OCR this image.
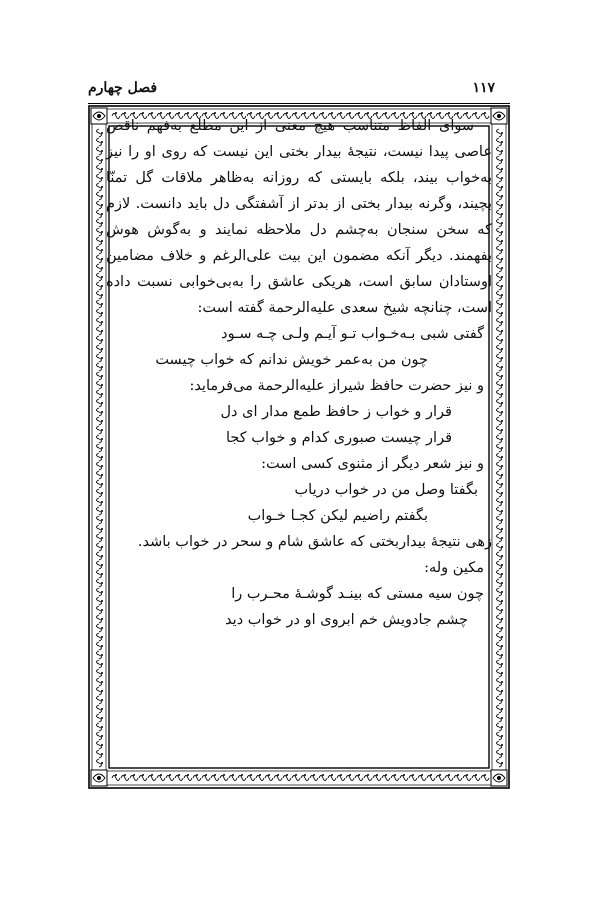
فصل چهارم	۱۱۷

سوای الفاظ متناسب هیچ معنی از این مطلع به‌فهم ناقص عاصی پیدا نیست، نتیجهٔ بیدار بختی این نیست که روی او را نیز به‌خواب بیند، بلکه بایستی که روزانه به‌ظاهر ملاقات گل تمنّا بچیند، وگرنه بیدار بختی از بدتر از آشفتگی دل باید دانست. لازم که سخن سنجان به‌چشم دل ملاحظه نمایند و به‌گوش هوش بفهمند. دیگر آنکه مضمون این بیت علی‌الرغم و خلاف مضامین اوستادان سابق است، هریکی عاشق را به‌بی‌خوابی نسبت داده است، چنانچه شیخ سعدی علیه‌الرحمة گفته است:

گفتی شبی بـه‌خـواب تـو آیـم ولـی چـه سـود
چون من به‌عمر خویش ندانم که خواب چیست
و نیز حضرت حافظ شیراز علیه‌الرحمة می‌فرماید:
قرار و خواب ز حافظ طمع مدار ای دل
قرار چیست صبوری کدام و خواب کجا
و نیز شعر دیگر از مثنوی کسی است:
بگفتا وصل من در خواب دریاب
بگفتم راضیم لیکن کجـا خـواب

زهی نتیجهٔ بیداربختی که عاشق شام و سحر در خواب باشد.

مکین وله:
چون سیه مستی که بینـد گوشـهٔ محـرب را
چشم جادویش خم ابروی او در خواب دید
